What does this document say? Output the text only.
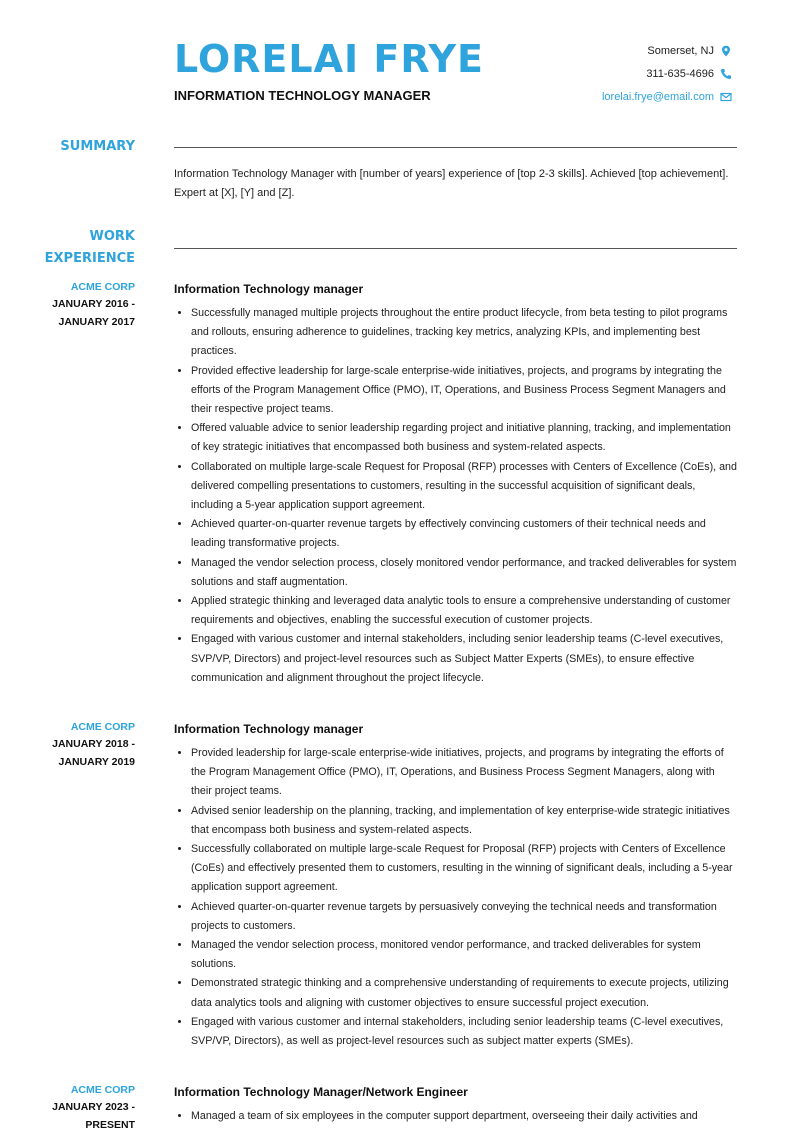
LORELAI FRYE
INFORMATION TECHNOLOGY MANAGER
Somerset, NJ
311-635-4696
lorelai.frye@email.com
SUMMARY
Information Technology Manager with [number of years] experience of [top 2-3 skills]. Achieved [top achievement]. Expert at [X], [Y] and [Z].
WORK
EXPERIENCE
ACME CORP
JANUARY 2016 - JANUARY 2017
Information Technology manager
• Successfully managed multiple projects throughout the entire product lifecycle, from beta testing to pilot programs and rollouts, ensuring adherence to guidelines, tracking key metrics, analyzing KPIs, and implementing best practices.
• Provided effective leadership for large-scale enterprise-wide initiatives, projects, and programs by integrating the efforts of the Program Management Office (PMO), IT, Operations, and Business Process Segment Managers and their respective project teams.
• Offered valuable advice to senior leadership regarding project and initiative planning, tracking, and implementation of key strategic initiatives that encompassed both business and system-related aspects.
• Collaborated on multiple large-scale Request for Proposal (RFP) processes with Centers of Excellence (CoEs), and delivered compelling presentations to customers, resulting in the successful acquisition of significant deals, including a 5-year application support agreement.
• Achieved quarter-on-quarter revenue targets by effectively convincing customers of their technical needs and leading transformative projects.
• Managed the vendor selection process, closely monitored vendor performance, and tracked deliverables for system solutions and staff augmentation.
• Applied strategic thinking and leveraged data analytic tools to ensure a comprehensive understanding of customer requirements and objectives, enabling the successful execution of customer projects.
• Engaged with various customer and internal stakeholders, including senior leadership teams (C-level executives, SVP/VP, Directors) and project-level resources such as Subject Matter Experts (SMEs), to ensure effective communication and alignment throughout the project lifecycle.
ACME CORP
JANUARY 2018 - JANUARY 2019
Information Technology manager
• Provided leadership for large-scale enterprise-wide initiatives, projects, and programs by integrating the efforts of the Program Management Office (PMO), IT, Operations, and Business Process Segment Managers, along with their project teams.
• Advised senior leadership on the planning, tracking, and implementation of key enterprise-wide strategic initiatives that encompass both business and system-related aspects.
• Successfully collaborated on multiple large-scale Request for Proposal (RFP) projects with Centers of Excellence (CoEs) and effectively presented them to customers, resulting in the winning of significant deals, including a 5-year application support agreement.
• Achieved quarter-on-quarter revenue targets by persuasively conveying the technical needs and transformation projects to customers.
• Managed the vendor selection process, monitored vendor performance, and tracked deliverables for system solutions.
• Demonstrated strategic thinking and a comprehensive understanding of requirements to execute projects, utilizing data analytics tools and aligning with customer objectives to ensure successful project execution.
• Engaged with various customer and internal stakeholders, including senior leadership teams (C-level executives, SVP/VP, Directors), as well as project-level resources such as subject matter experts (SMEs).
ACME CORP
JANUARY 2023 - PRESENT
Information Technology Manager/Network Engineer
• Managed a team of six employees in the computer support department, overseeing their daily activities and
